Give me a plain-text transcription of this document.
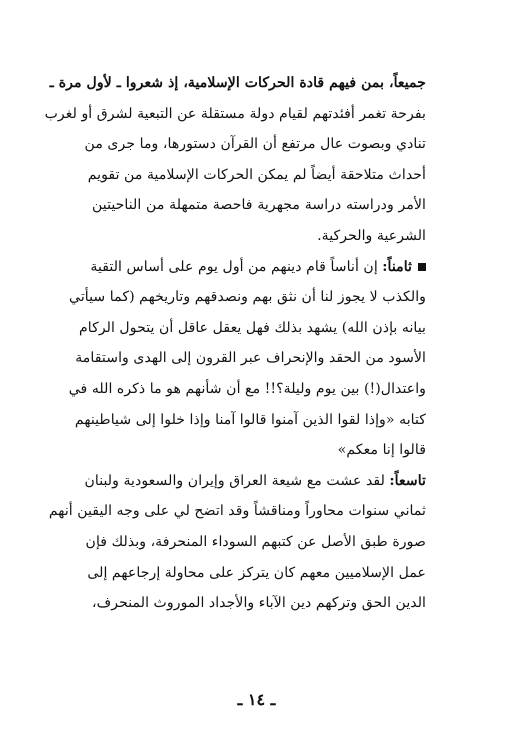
جميعاً، بمن فيهم قادة الحركات الإسلامية، إذ شعروا ـ لأول مرة ـ
بفرحة تغمر أفئدتهم لقيام دولة مستقلة عن التبعية لشرق أو لغرب
تنادي وبصوت عال مرتفع أن القرآن دستورها، وما جرى من
أحداث متلاحقة أيضاً لم يمكن الحركات الإسلامية من تقويم
الأمر ودراسته دراسة مجهرية فاحصة متمهلة من الناحيتين
الشرعية والحركية.
ثامناً: إن أناساً قام دينهم من أول يوم على أساس التقية
والكذب لا يجوز لنا أن نثق بهم ونصدقهم وتاريخهم (كما سيأتي
بيانه بإذن الله) يشهد بذلك فهل يعقل عاقل أن يتحول الركام
الأسود من الحقد والإنحراف عبر القرون إلى الهدى واستقامة
واعتدال(!) بين يوم وليلة؟!! مع أن شأنهم هو ما ذكره الله في
كتابه «وإذا لقوا الذين آمنوا قالوا آمنا وإذا خلوا إلى شياطينهم
قالوا إنا معكم»
تاسعاً: لقد عشت مع شيعة العراق وإيران والسعودية ولبنان
ثماني سنوات محاوراً ومناقشاً وقد اتضح لي على وجه اليقين أنهم
صورة طبق الأصل عن كتبهم السوداء المنحرفة، وبذلك فإن
عمل الإسلاميين معهم كان يتركز على محاولة إرجاعهم إلى
الدين الحق وتركهم دين الآباء والأجداد الموروث المنحرف،
ـ ١٤ ـ
